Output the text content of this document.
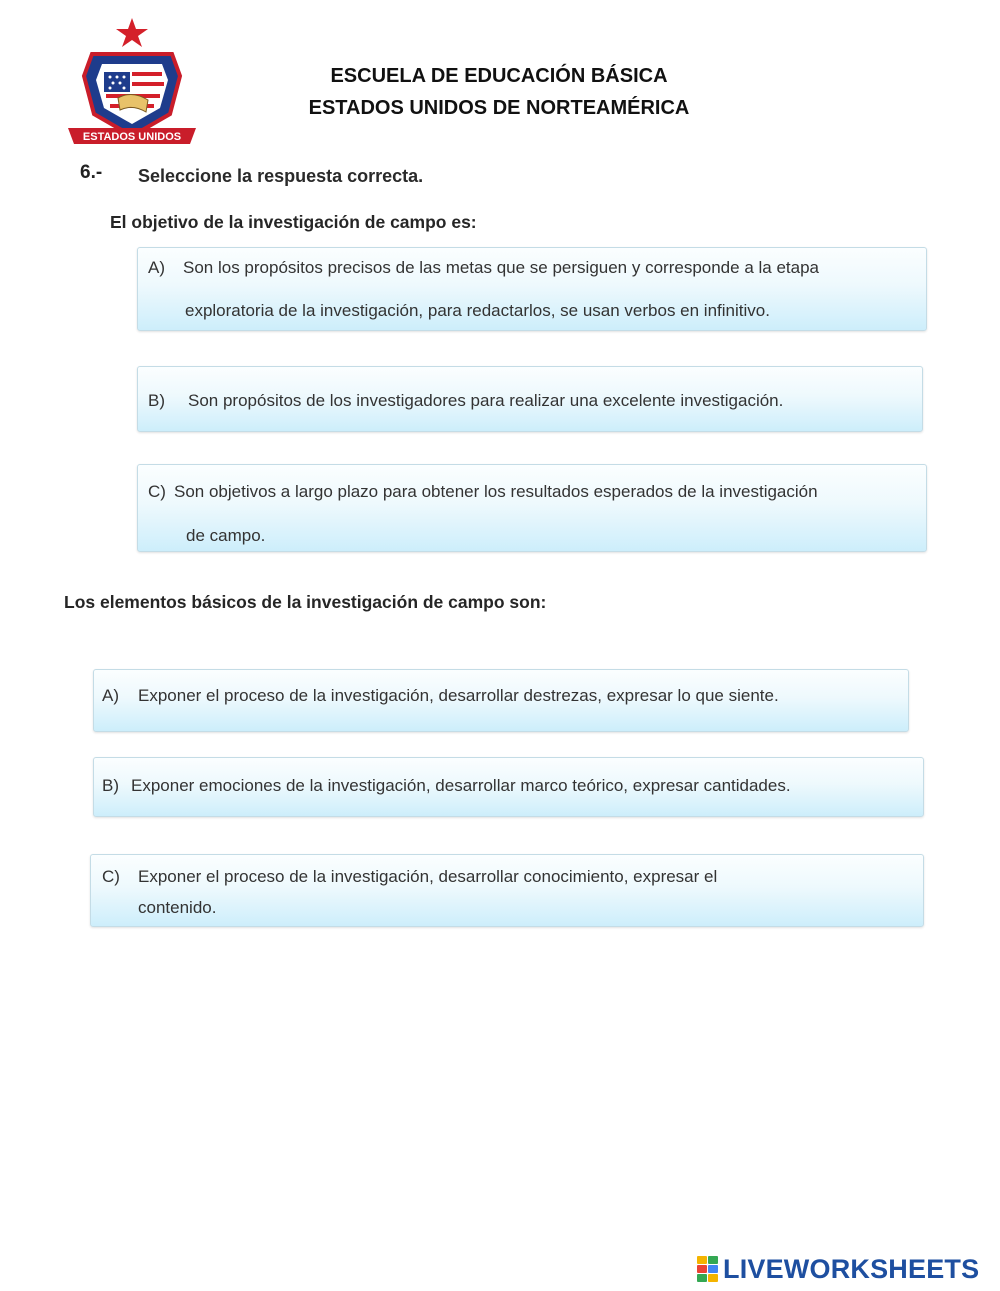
ESTADOS UNIDOS
ESCUELA DE EDUCACIÓN BÁSICA
ESTADOS UNIDOS DE NORTEAMÉRICA
6.- Seleccione la respuesta correcta.
El objetivo de la investigación de campo es:
A) Son los propósitos precisos de las metas que se persiguen y corresponde a la etapa
exploratoria de la investigación, para redactarlos, se usan verbos en infinitivo.
B) Son propósitos de los investigadores para realizar una excelente investigación.
C) Son objetivos a largo plazo para obtener los resultados esperados de la investigación
de campo.
Los elementos básicos de la investigación de campo son:
A) Exponer el proceso de la investigación, desarrollar destrezas, expresar lo que siente.
B) Exponer emociones de la investigación, desarrollar marco teórico, expresar cantidades.
C) Exponer el proceso de la investigación, desarrollar conocimiento, expresar el
contenido.
LIVEWORKSHEETS
